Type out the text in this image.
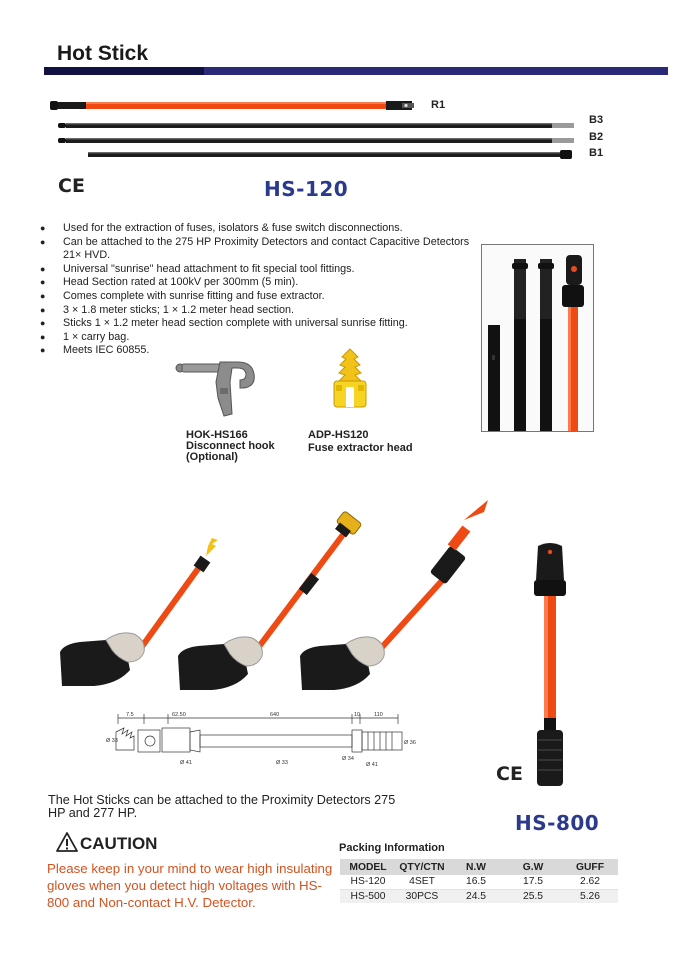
Hot Stick
R1
B3
B2
B1
CE	HS-120
● Used for the extraction of fuses, isolators & fuse switch disconnections.
● Can be attached to the 275 HP Proximity Detectors and contact Capacitive Detectors 21× HVD.
● Universal "sunrise" head attachment to fit special tool fittings.
● Head Section rated at 100kV per 300mm (5 min).
● Comes complete with sunrise fitting and fuse extractor.
● 3 × 1.8 meter sticks; 1 × 1.2 meter head section.
● Sticks 1 × 1.2 meter head section complete with universal sunrise fitting.
● 1 × carry bag.
● Meets IEC 60855.
HOK-HS166
Disconnect hook
(Optional)
ADP-HS120
Fuse extractor head
7.5	62.50	640	10	110
Ø 33
Ø 41	Ø 33
Ø 34
Ø 36
Ø 41	CE
HS-800
The Hot Sticks can be attached to the Proximity Detectors 275 HP and 277 HP.
CAUTION
Please keep in your mind to wear high insulating gloves when you detect high voltages with HS-800 and Non-contact H.V. Detector.
Packing Information
MODEL	QTY/CTN	N.W	G.W	GUFF
HS-120	4SET	16.5	17.5	2.62
HS-500	30PCS	24.5	25.5	5.26
